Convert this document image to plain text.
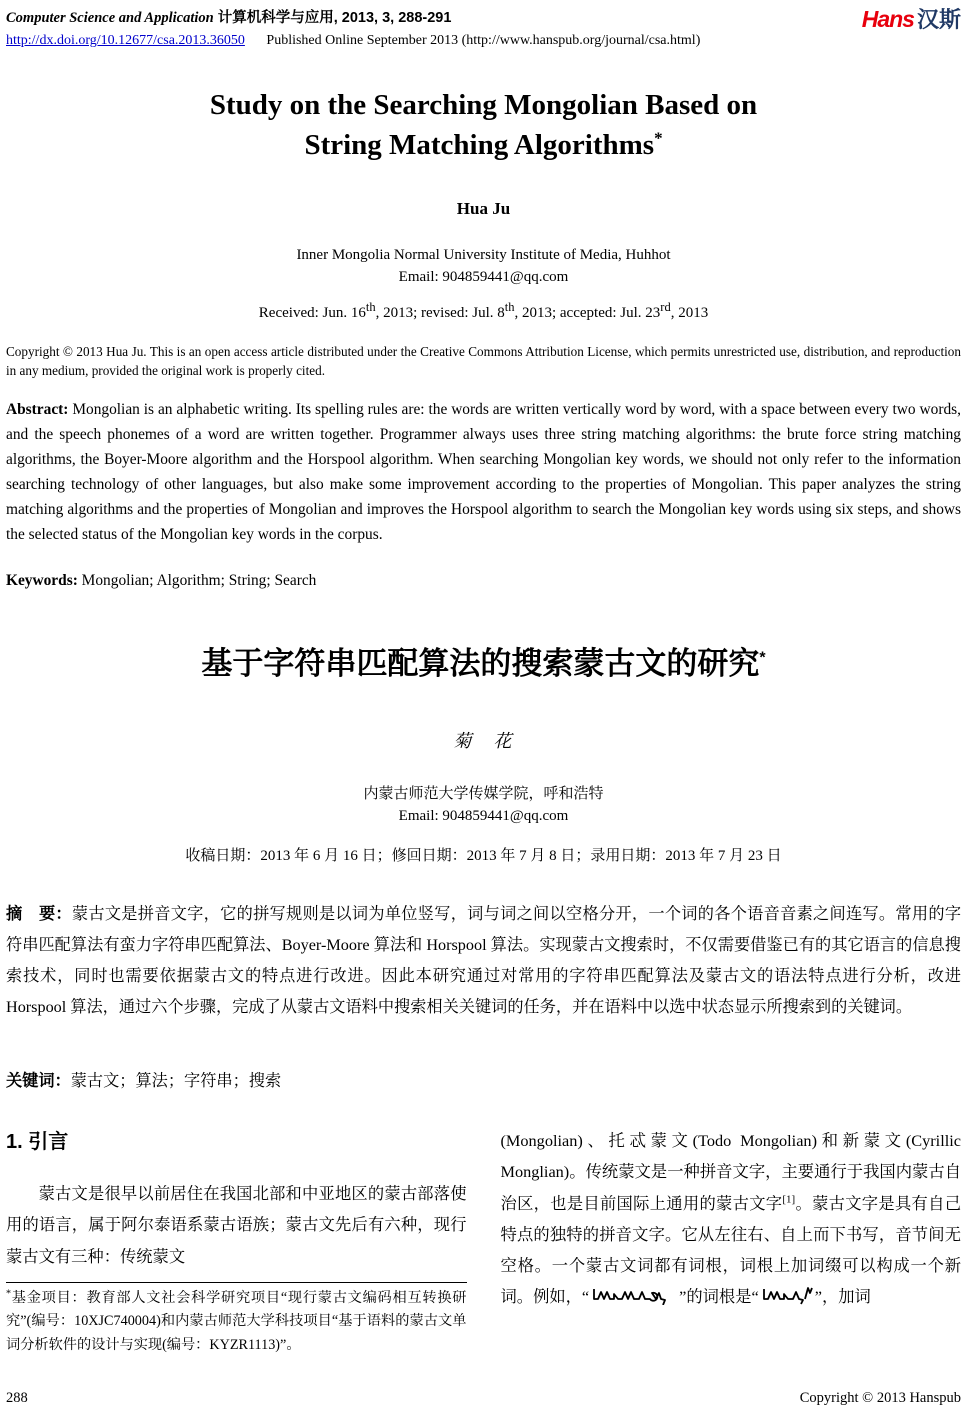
Computer Science and Application 计算机科学与应用, 2013, 3, 288-291	Hans 汉斯
http://dx.doi.org/10.12677/csa.2013.36050 Published Online September 2013 (http://www.hanspub.org/journal/csa.html)
Study on the Searching Mongolian Based on
String Matching Algorithms*
Hua Ju
Inner Mongolia Normal University Institute of Media, Huhhot
Email: 904859441@qq.com
Received: Jun. 16th, 2013; revised: Jul. 8th, 2013; accepted: Jul. 23rd, 2013
Copyright © 2013 Hua Ju. This is an open access article distributed under the Creative Commons Attribution License, which permits unrestricted use, distribution, and reproduction in any medium, provided the original work is properly cited.
Abstract: Mongolian is an alphabetic writing. Its spelling rules are: the words are written vertically word by word, with a space between every two words, and the speech phonemes of a word are written together. Programmer always uses three string matching algorithms: the brute force string matching algorithms, the Boyer-Moore algorithm and the Horspool algorithm. When searching Mongolian key words, we should not only refer to the information searching technology of other languages, but also make some improvement according to the properties of Mongolian. This paper analyzes the string matching algorithms and the properties of Mongolian and improves the Horspool algorithm to search the Mongolian key words using six steps, and shows the selected status of the Mongolian key words in the corpus.
Keywords: Mongolian; Algorithm; String; Search
基于字符串匹配算法的搜索蒙古文的研究*
菊　花
内蒙古师范大学传媒学院，呼和浩特
Email: 904859441@qq.com
收稿日期：2013 年 6 月 16 日；修回日期：2013 年 7 月 8 日；录用日期：2013 年 7 月 23 日
摘　要：蒙古文是拼音文字，它的拼写规则是以词为单位竖写，词与词之间以空格分开，一个词的各个语音音素之间连写。常用的字符串匹配算法有蛮力字符串匹配算法、Boyer-Moore 算法和 Horspool 算法。实现蒙古文搜索时，不仅需要借鉴已有的其它语言的信息搜索技术，同时也需要依据蒙古文的特点进行改进。因此本研究通过对常用的字符串匹配算法及蒙古文的语法特点进行分析，改进 Horspool 算法，通过六个步骤，完成了从蒙古文语料中搜索相关关键词的任务，并在语料中以选中状态显示所搜索到的关键词。
关键词：蒙古文；算法；字符串；搜索
1. 引言

蒙古文是很早以前居住在我国北部和中亚地区的蒙古部落使用的语言，属于阿尔泰语系蒙古语族；蒙古文先后有六种，现行蒙古文有三种：传统蒙文

*基金项目：教育部人文社会科学研究项目“现行蒙古文编码相互转换研究”(编号：10XJC740004)和内蒙古师范大学科技项目“基于语料的蒙古文单词分析软件的设计与实现(编号：KYZR1113)”。

(Mongolian)、托忒蒙文(Todo Mongolian)和新蒙文(Cyrillic Monglian)。传统蒙文是一种拼音文字，主要通行于我国内蒙古自治区，也是目前国际上通用的蒙古文字[1]。蒙古文字是具有自己特点的独特的拼音文字。它从左往右、自上而下书写，音节间无空格。一个蒙古文词都有词根，词根上加词缀可以构成一个新词。例如，“	”的词根是“	”，加词

288	Copyright © 2013 Hanspub
